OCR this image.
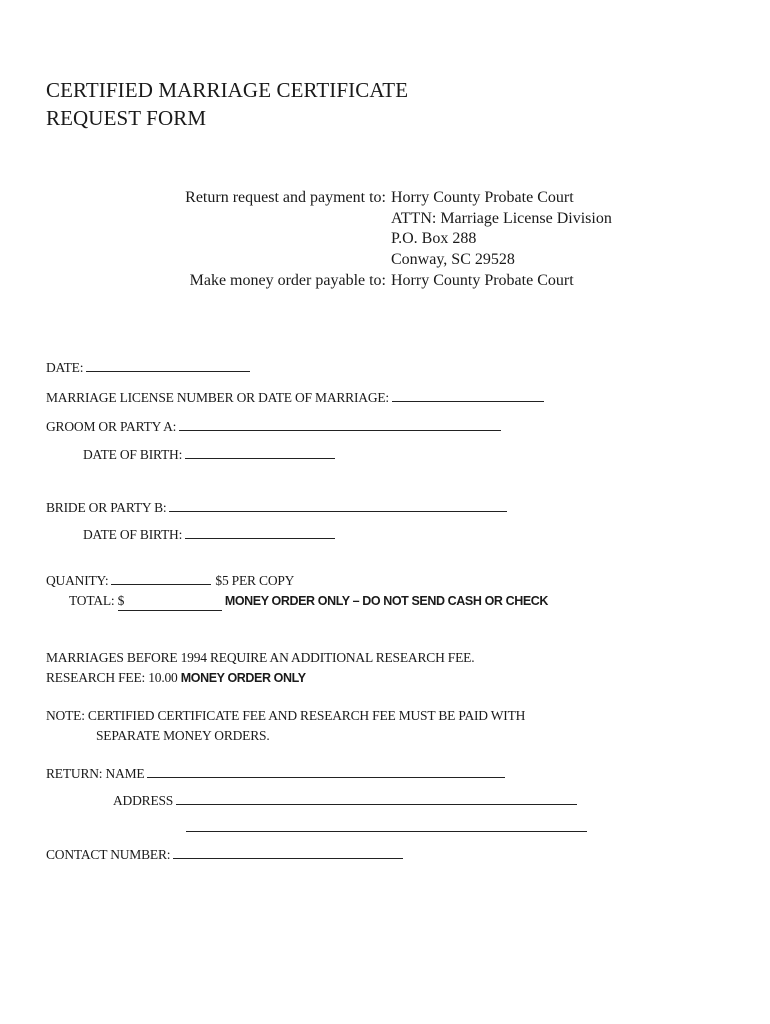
CERTIFIED MARRIAGE CERTIFICATE
REQUEST FORM
Return request and payment to: Horry County Probate Court
ATTN: Marriage License Division
P.O. Box 288
Conway, SC 29528
Make money order payable to: Horry County Probate Court
DATE:
MARRIAGE LICENSE NUMBER OR DATE OF MARRIAGE:
GROOM OR PARTY A:
DATE OF BIRTH:
BRIDE OR PARTY B:
DATE OF BIRTH:
QUANITY:	$5 PER COPY
TOTAL: $	MONEY ORDER ONLY – DO NOT SEND CASH OR CHECK
MARRIAGES BEFORE 1994 REQUIRE AN ADDITIONAL RESEARCH FEE.
RESEARCH FEE: 10.00 MONEY ORDER ONLY
NOTE: CERTIFIED CERTIFICATE FEE AND RESEARCH FEE MUST BE PAID WITH
SEPARATE MONEY ORDERS.
RETURN: NAME
ADDRESS
CONTACT NUMBER:
